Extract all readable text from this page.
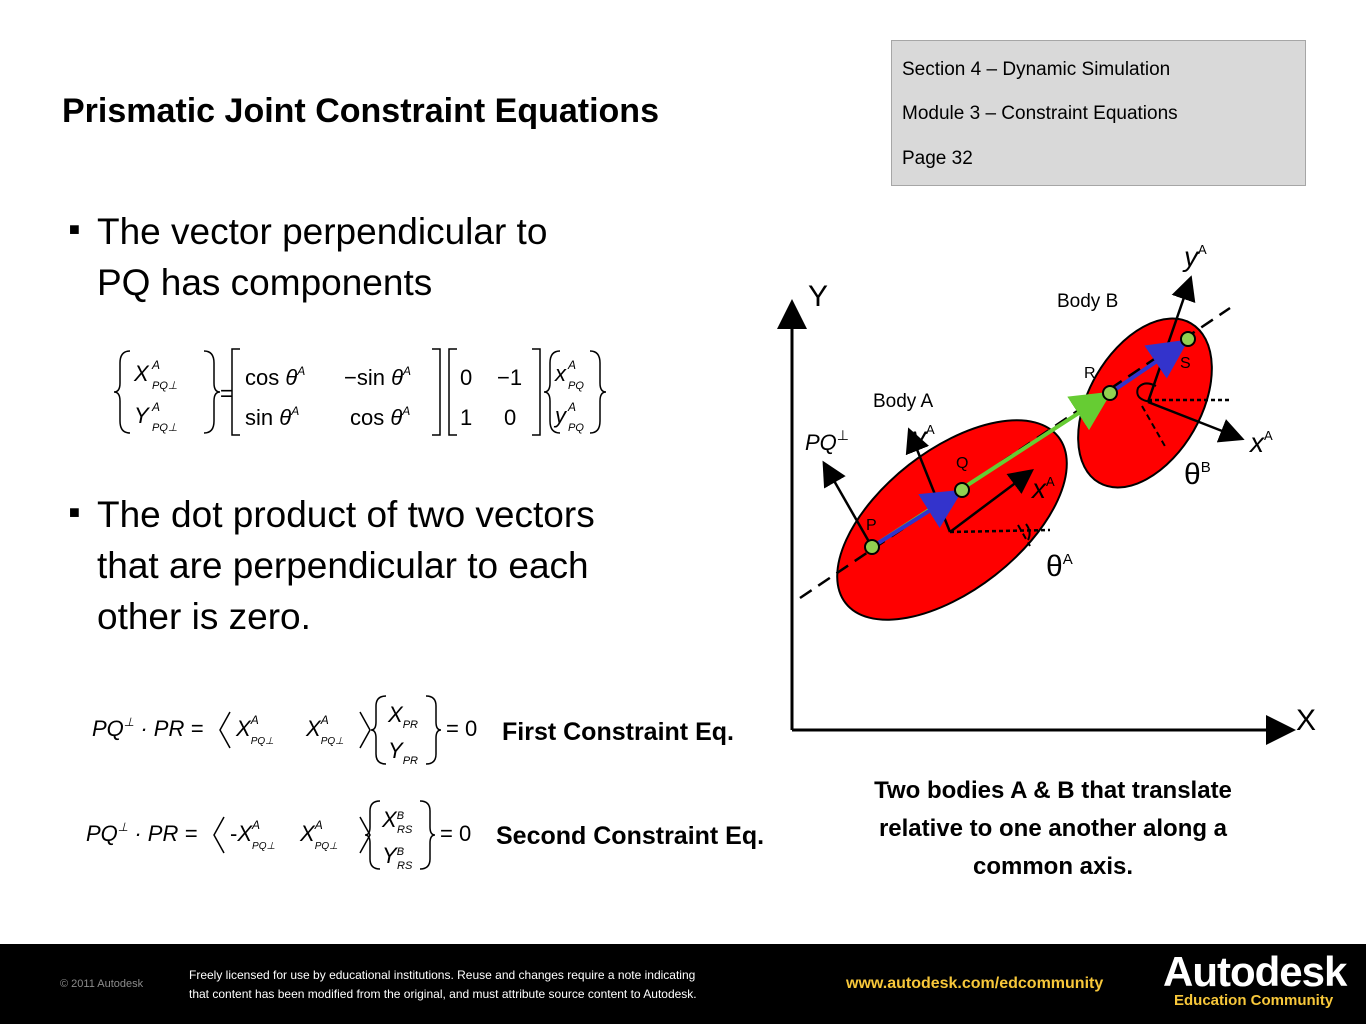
Prismatic Joint Constraint Equations
Section 4 – Dynamic Simulation
Module 3 – Constraint Equations
Page 32
■ The vector perpendicular to
PQ has components
X A
PQ⊥
Y A
PQ⊥
=
$\cos \theta^A -\sin$ $\theta^A$
$\sin \theta^A$ $\cos \theta^A$
0 −1
1 0
x A
PQ
y A
PQ
■ The dot product of two vectors
that are perpendicular to each
other is zero.
PQ⊥ · PR = $X^A$ PQ⊥
$X^A$ PQ⊥
$X_{PR}$
$Y_{PR}$
= 0 First Constraint Eq.
PQ⊥ · PR = $-X^A$ PQ⊥
$X^A$ PQ⊥
$X^B$ RS
$Y^B$ RS
= 0 Second Constraint Eq.
Y
X
P
Q
R
S
Body A
Body B
PQ⊥ $y^A$
$x^A$
$y^A$
$x^A$
$\theta^B$
$\theta^A$
Two bodies A & B that translate
relative to one another along a
common axis.
© 2011 Autodesk
Freely licensed for use by educational institutions. Reuse and changes require a note indicating
that content has been modified from the original, and must attribute source content to Autodesk.
www.autodesk.com/edcommunity Autodesk
Education Community
